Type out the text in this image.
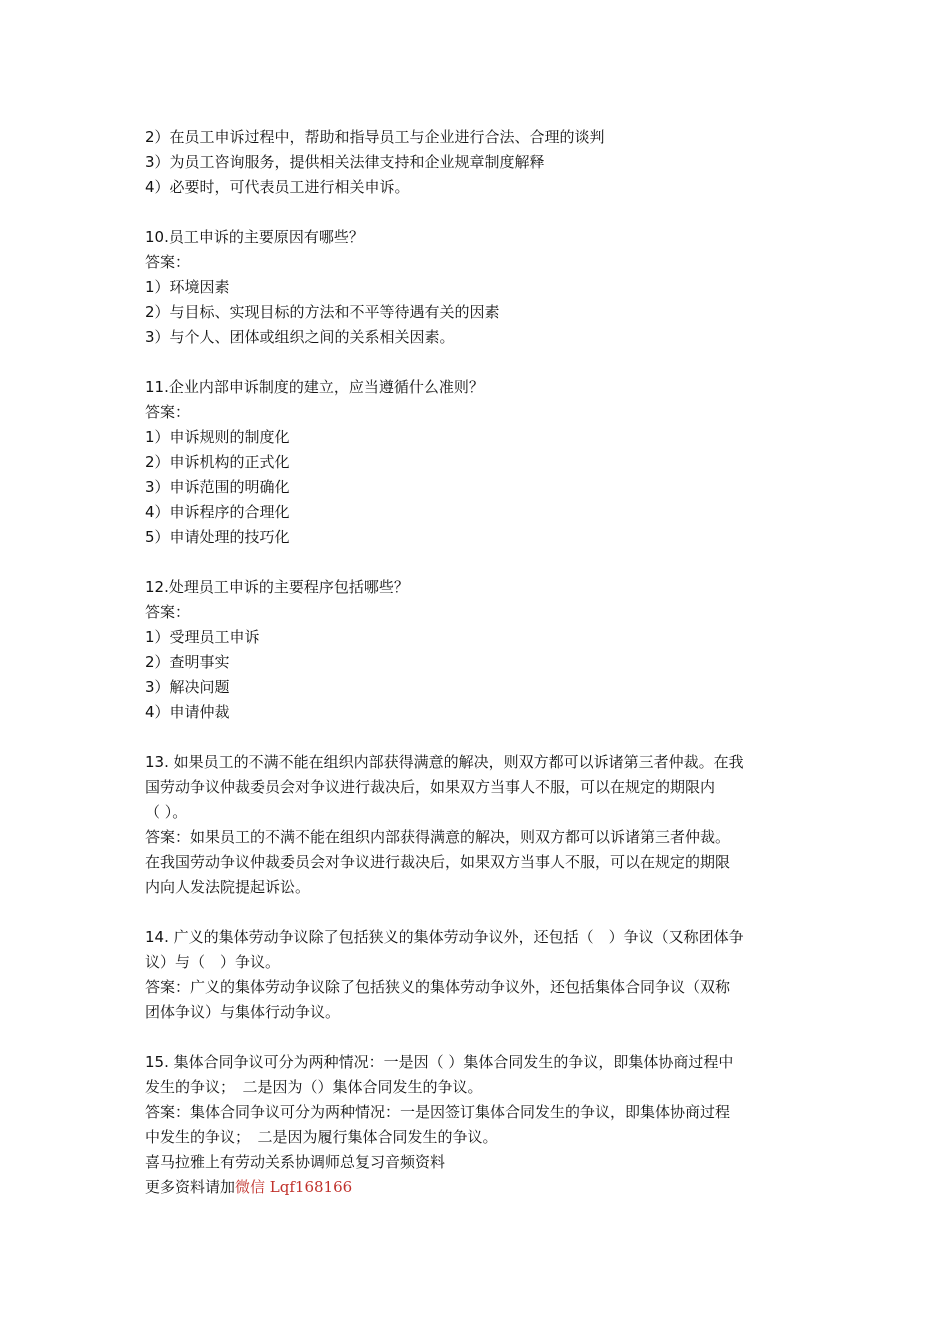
2）在员工申诉过程中，帮助和指导员工与企业进行合法、合理的谈判
3）为员工咨询服务，提供相关法律支持和企业规章制度解释
4）必要时，可代表员工进行相关申诉。
10.员工申诉的主要原因有哪些？
答案：
1）环境因素
2）与目标、实现目标的方法和不平等待遇有关的因素
3）与个人、团体或组织之间的关系相关因素。
11.企业内部申诉制度的建立，应当遵循什么准则？
答案：
1）申诉规则的制度化
2）申诉机构的正式化
3）申诉范围的明确化
4）申诉程序的合理化
5）申请处理的技巧化
12.处理员工申诉的主要程序包括哪些？
答案：
1）受理员工申诉
2）查明事实
3）解决问题
4）申请仲裁
13. 如果员工的不满不能在组织内部获得满意的解决，则双方都可以诉诸第三者仲裁。在我
国劳动争议仲裁委员会对争议进行裁决后，如果双方当事人不服，可以在规定的期限内
（ ）。
答案：如果员工的不满不能在组织内部获得满意的解决，则双方都可以诉诸第三者仲裁。
在我国劳动争议仲裁委员会对争议进行裁决后，如果双方当事人不服，可以在规定的期限
内向人发法院提起诉讼。
14. 广义的集体劳动争议除了包括狭义的集体劳动争议外，还包括（　）争议（又称团体争
议）与（　）争议。
答案：广义的集体劳动争议除了包括狭义的集体劳动争议外，还包括集体合同争议（双称
团体争议）与集体行动争议。
15. 集体合同争议可分为两种情况：一是因（ ）集体合同发生的争议，即集体协商过程中
发生的争议；　二是因为（）集体合同发生的争议。
答案：集体合同争议可分为两种情况：一是因签订集体合同发生的争议，即集体协商过程
中发生的争议；　二是因为履行集体合同发生的争议。
喜马拉雅上有劳动关系协调师总复习音频资料
更多资料请加微信 Lqf168166
